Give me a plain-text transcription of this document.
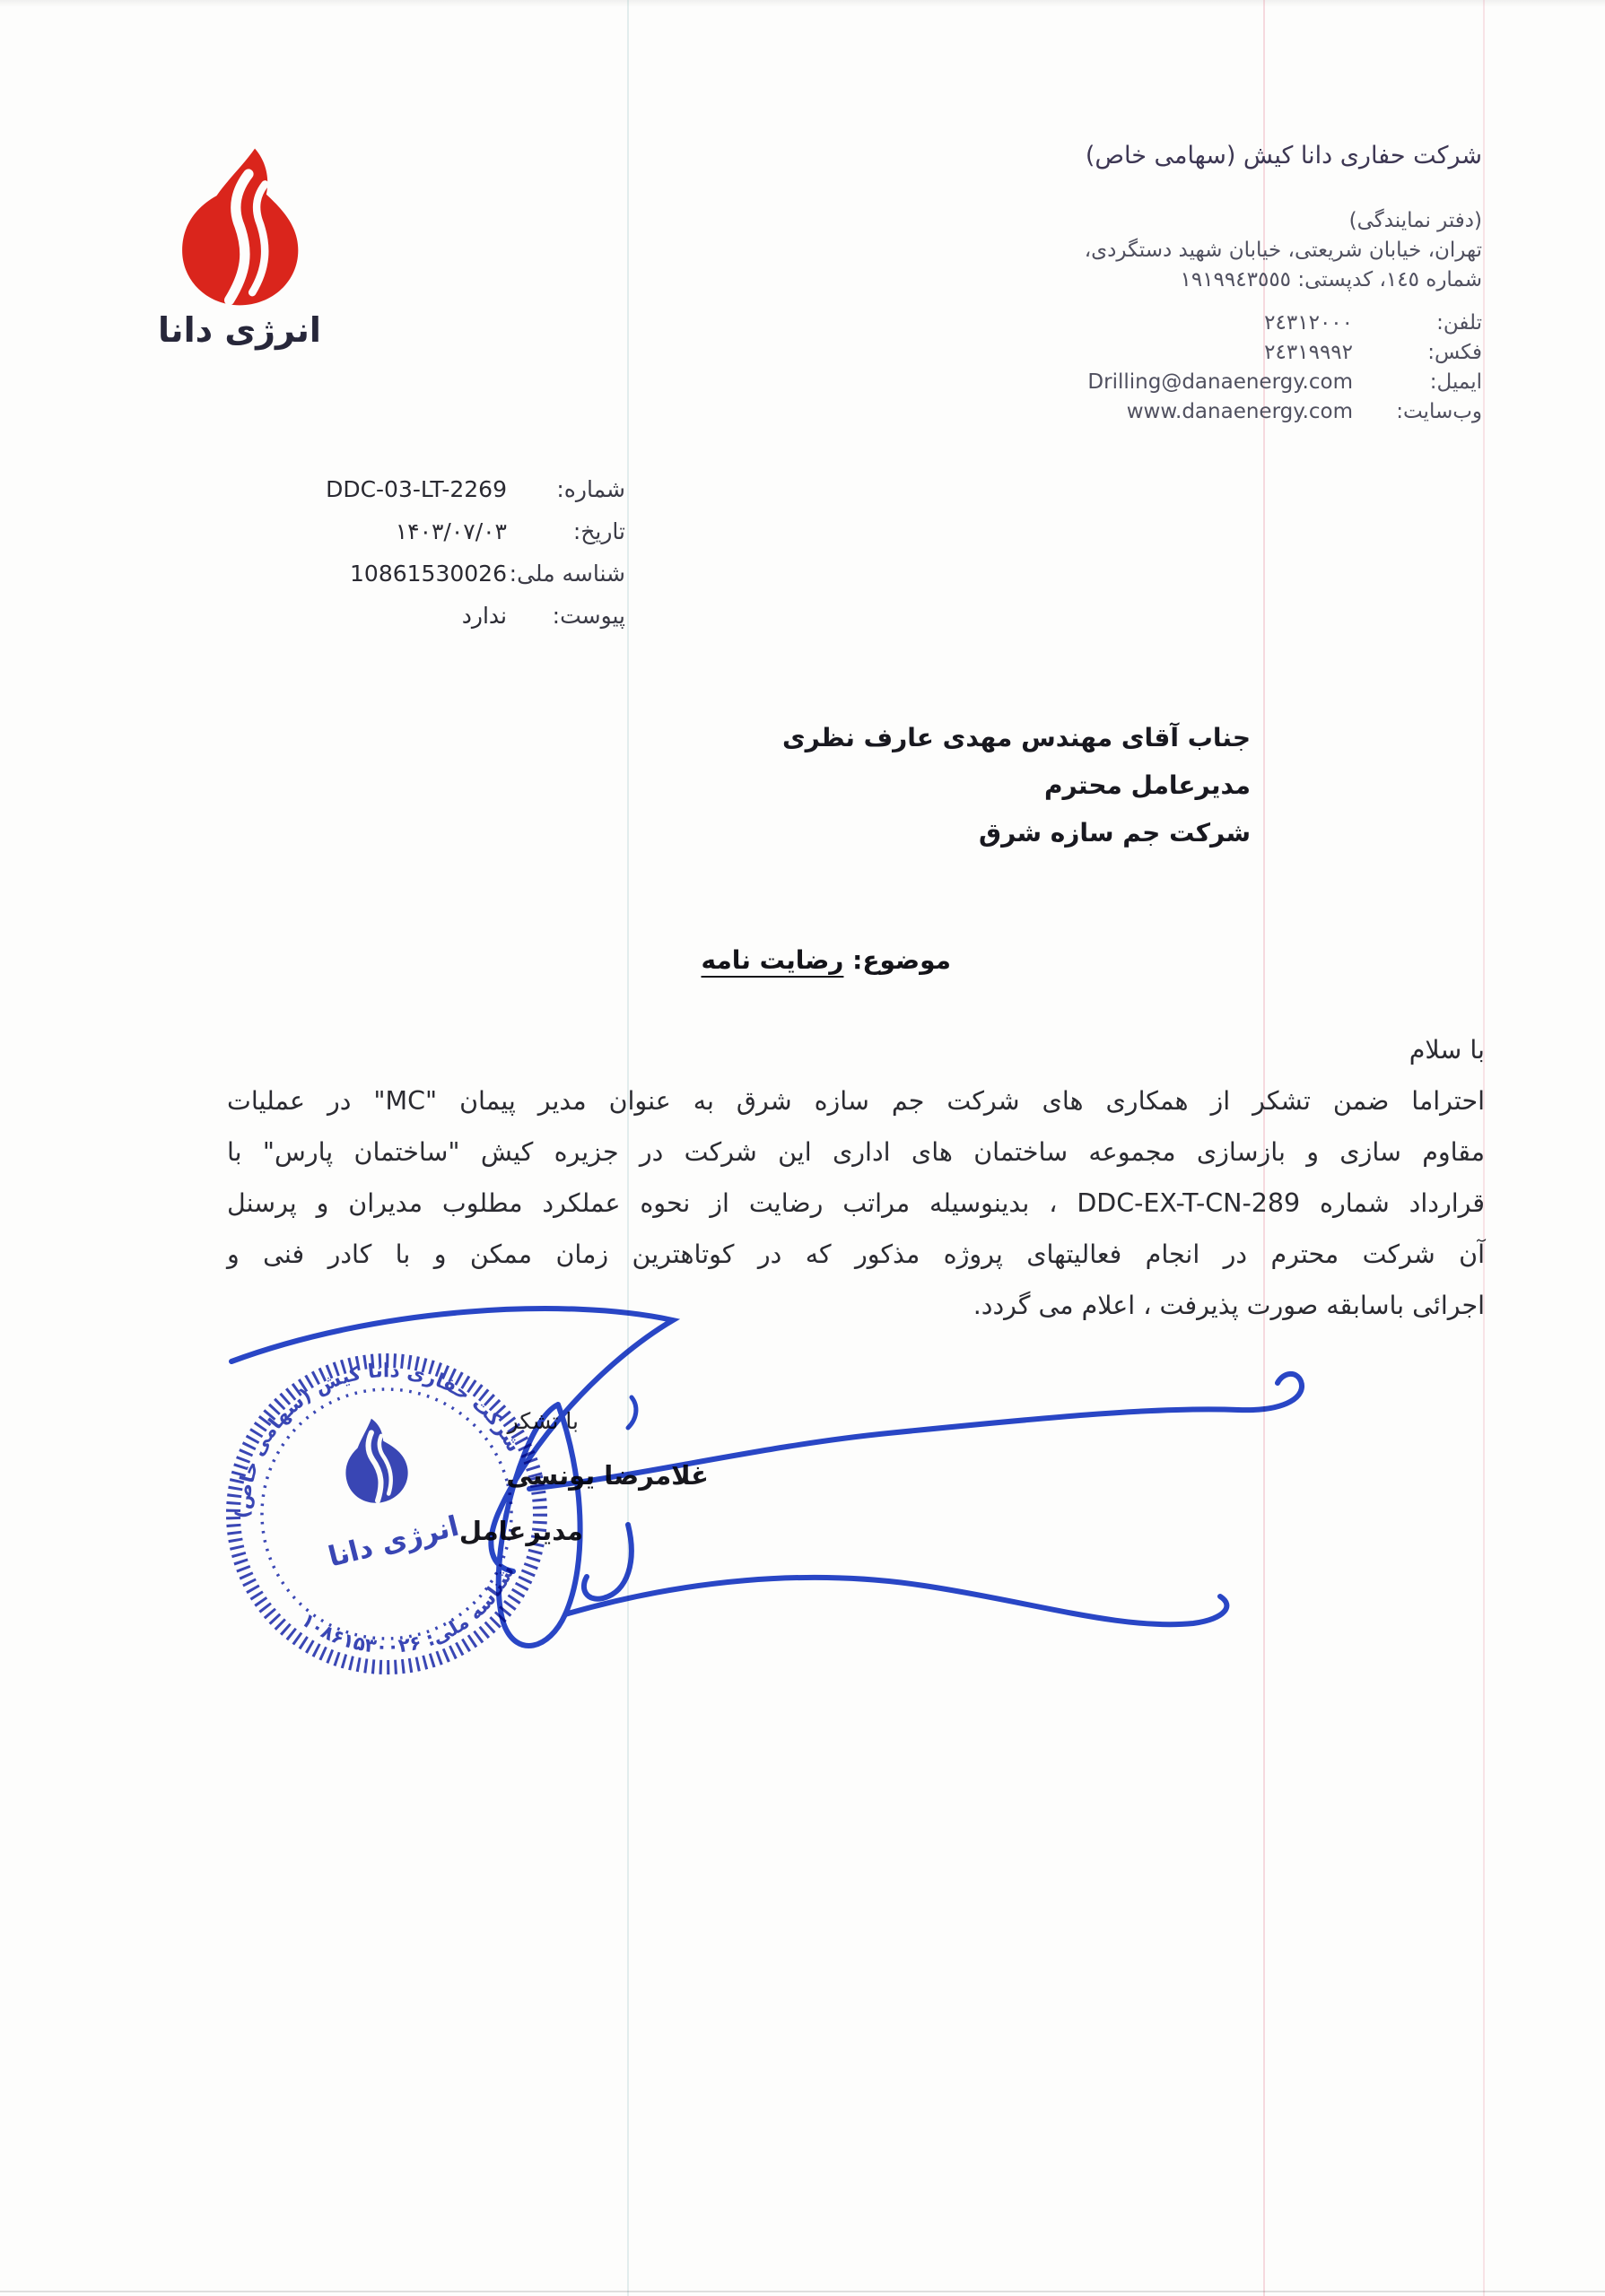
انرژی دانا
شرکت حفاری دانا کیش (سهامی خاص)
(دفتر نمایندگی)
تهران، خیابان شریعتی، خیابان شهید دستگردی،
شماره ١٤٥، کدپستی: ١٩١٩٩٤٣٥٥٥
تلفن:٢٤٣١٢٠٠٠
فکس:٢٤٣١٩٩٩٢
ایمیل:Drilling@danaenergy.com
وب‌سایت:www.danaenergy.com
شماره:DDC-03-LT-2269
تاریخ:۱۴۰۳/۰۷/۰۳
شناسه ملی:10861530026
پیوست:ندارد
جناب آقای مهندس مهدی عارف نظری
مدیرعامل محترم
شرکت جم سازه شرق
موضوع: رضایت نامه
با سلام
احتراما ضمن تشکر از همکاری های شرکت جم سازه شرق به عنوان مدیر پیمان "⁦MC⁩" در عملیات
مقاوم سازی و بازسازی مجموعه ساختمان های اداری این شرکت در جزیره کیش "ساختمان پارس" با
قرارداد شماره ⁦DDC-EX-T-CN-289⁩ ، بدینوسیله مراتب رضایت از نحوه عملکرد مطلوب مدیران و پرسنل
آن شرکت محترم در انجام فعالیتهای پروژه مذکور که در کوتاهترین زمان ممکن و با کادر فنی و
اجرائی باسابقه صورت پذیرفت ، اعلام می گردد.
با تشکر
غلامرضا یونسی
مدیرعامل
شرکت حفاری دانا کیش (سهامی خاص)
شناسه ملی: ۱۰۸۶۱۵۳۰۰۲۶
انرژی دانا
